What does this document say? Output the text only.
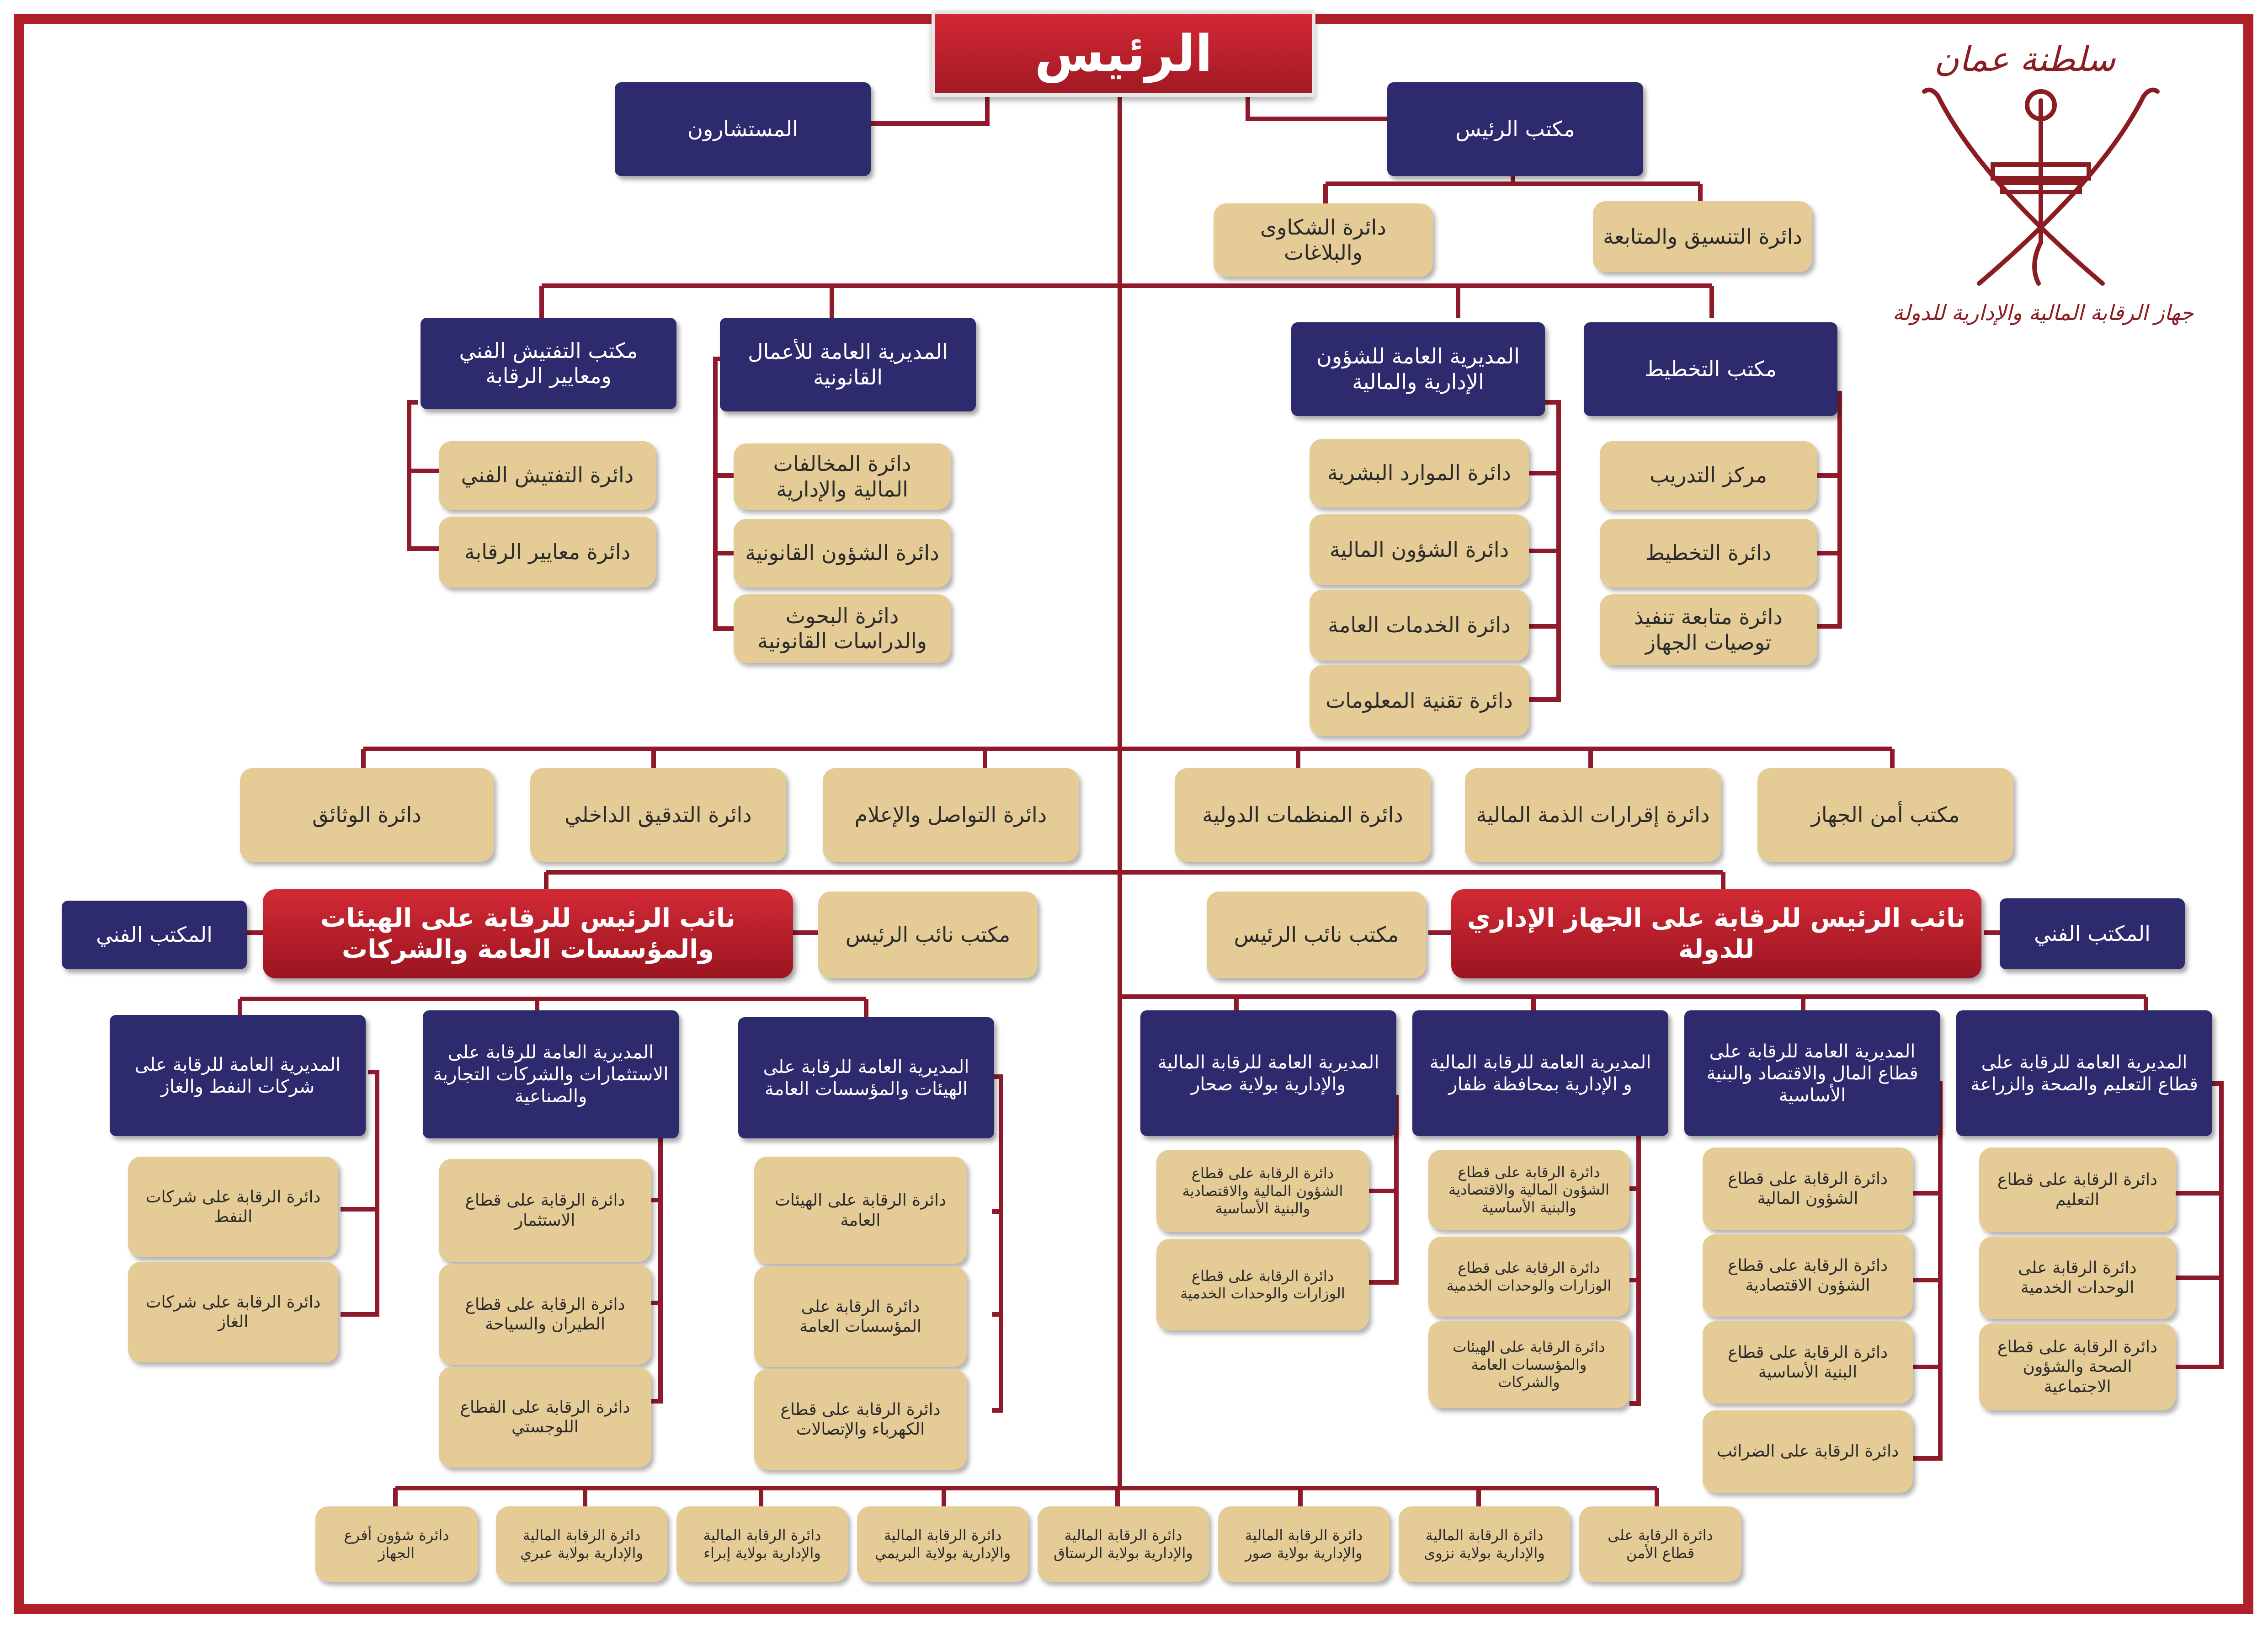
الرئيس	سلطنة عمان
جهاز الرقابة المالية والإدارية للدولة
المستشارون	مكتب الرئيس
دائرة الشكاوى والبلاغات
دائرة التنسيق والمتابعة
مكتب التفتيش الفني ومعايير الرقابة
المديرية العامة للأعمال القانونية
المديرية العامة للشؤون الإدارية والمالية
مكتب التخطيط
دائرة التفتيش الفني
دائرة معايير الرقابة
دائرة المخالفات المالية والإدارية
دائرة الشؤون القانونية
دائرة البحوث والدراسات القانونية
دائرة الموارد البشرية
دائرة الشؤون المالية
دائرة الخدمات العامة
دائرة تقنية المعلومات
مركز التدريب
دائرة التخطيط
دائرة متابعة تنفيذ توصيات الجهاز
دائرة الوثائق	دائرة التدقيق الداخلي	دائرة التواصل والإعلام	دائرة المنظمات الدولية	دائرة إقرارات الذمة المالية	مكتب أمن الجهاز
المكتب الفني
نائب الرئيس للرقابة على الهيئات والمؤسسات العامة والشركات	مكتب نائب الرئيس	مكتب نائب الرئيس
نائب الرئيس للرقابة على الجهاز الإداري للدولة
المكتب الفني
المديرية العامة للرقابة على شركات النفط والغاز
المديرية العامة للرقابة على الاستثمارات والشركات التجارية والصناعية
المديرية العامة للرقابة على الهيئات والمؤسسات العامة
دائرة الرقابة على شركات النفط
دائرة الرقابة على شركات الغاز
دائرة الرقابة على قطاع الاستثمار
دائرة الرقابة على قطاع الطيران والسياحة
دائرة الرقابة على القطاع اللوجستي
دائرة الرقابة على الهيئات العامة
دائرة الرقابة على المؤسسات العامة
دائرة الرقابة على قطاع الكهرباء والإتصالات
المديرية العامة للرقابة المالية والإدارية بولاية صحار
المديرية العامة للرقابة المالية و الإدارية بمحافظة ظفار
المديرية العامة للرقابة على قطاع المال والاقتصاد والبنية الأساسية
المديرية العامة للرقابة على قطاع التعليم والصحة والزراعة
دائرة الرقابة على قطاع الشؤون المالية والاقتصادية والبنية الأساسية
دائرة الرقابة على قطاع الوزارات والوحدات الخدمية
دائرة الرقابة على قطاع الشؤون المالية والاقتصادية والبنية الأساسية
دائرة الرقابة على قطاع الوزارات والوحدات الخدمية
دائرة الرقابة على الهيئات والمؤسسات العامة والشركات
دائرة الرقابة على قطاع الشؤون المالية
دائرة الرقابة على قطاع الشؤون الاقتصادية
دائرة الرقابة على قطاع البنية الأساسية
دائرة الرقابة على الضرائب
دائرة الرقابة على قطاع التعليم
دائرة الرقابة على الوحدات الخدمية
دائرة الرقابة على قطاع الصحة والشؤون الاجتماعية
دائرة شؤون أفرع الجهاز
دائرة الرقابة المالية والإدارية بولاية عبري
دائرة الرقابة المالية والإدارية بولاية إبراء
دائرة الرقابة المالية والإدارية بولاية البريمي
دائرة الرقابة المالية والإدارية بولاية الرستاق
دائرة الرقابة المالية والإدارية بولاية صور
دائرة الرقابة المالية والإدارية بولاية نزوى
دائرة الرقابة على قطاع الأمن
